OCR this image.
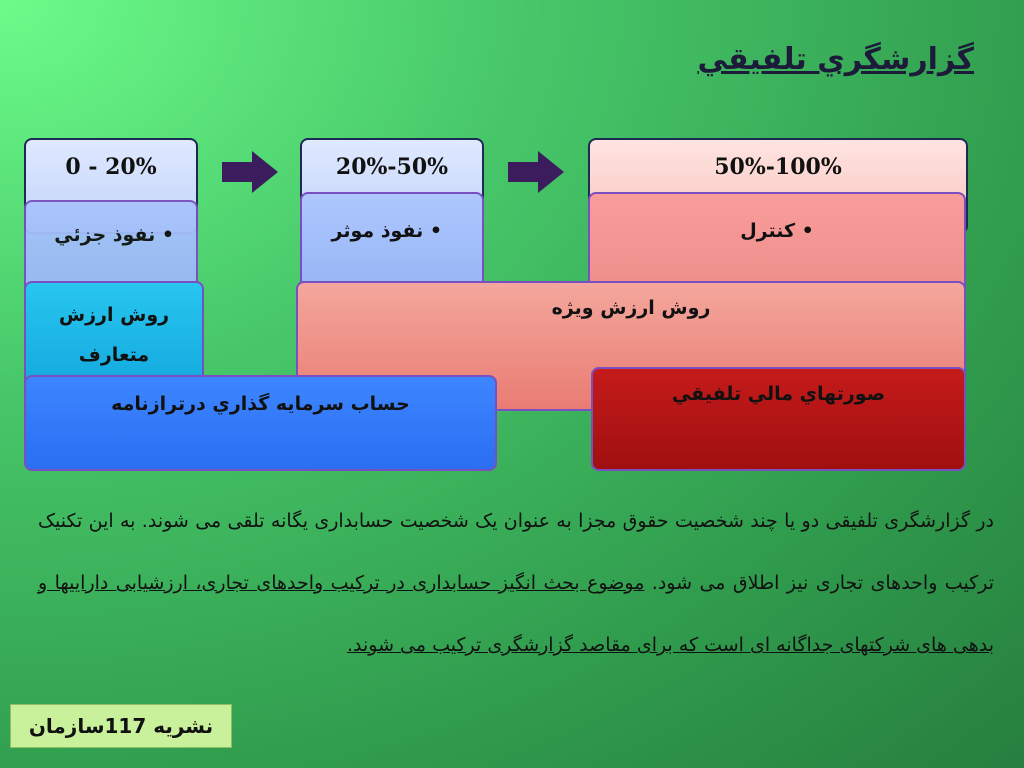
گزارشگري تلفيقي
0 - 20%	20%-50%	50%-100%
• نفوذ جزئي	• نفوذ موثر	• کنترل
روش ارزش ويژه
روش ارزش متعارف
حساب سرمايه گذاري درترازنامه	صورتهاي مالي تلفيقي
در گزارشگری تلفیقی دو یا چند شخصیت حقوق مجزا به عنوان یک شخصیت حسابداری یگانه تلقی می شوند. به این تکنیک ترکیب واحدهای تجاری نیز اطلاق می شود. موضوع بحث انگیز حسابداری در ترکیب واحدهای تجاری، ارزشیابی داراییها و بدهی های شرکتهای جداگانه ای است که برای مقاصد گزارشگری ترکیب می شوند.
نشريه 117سازمان
